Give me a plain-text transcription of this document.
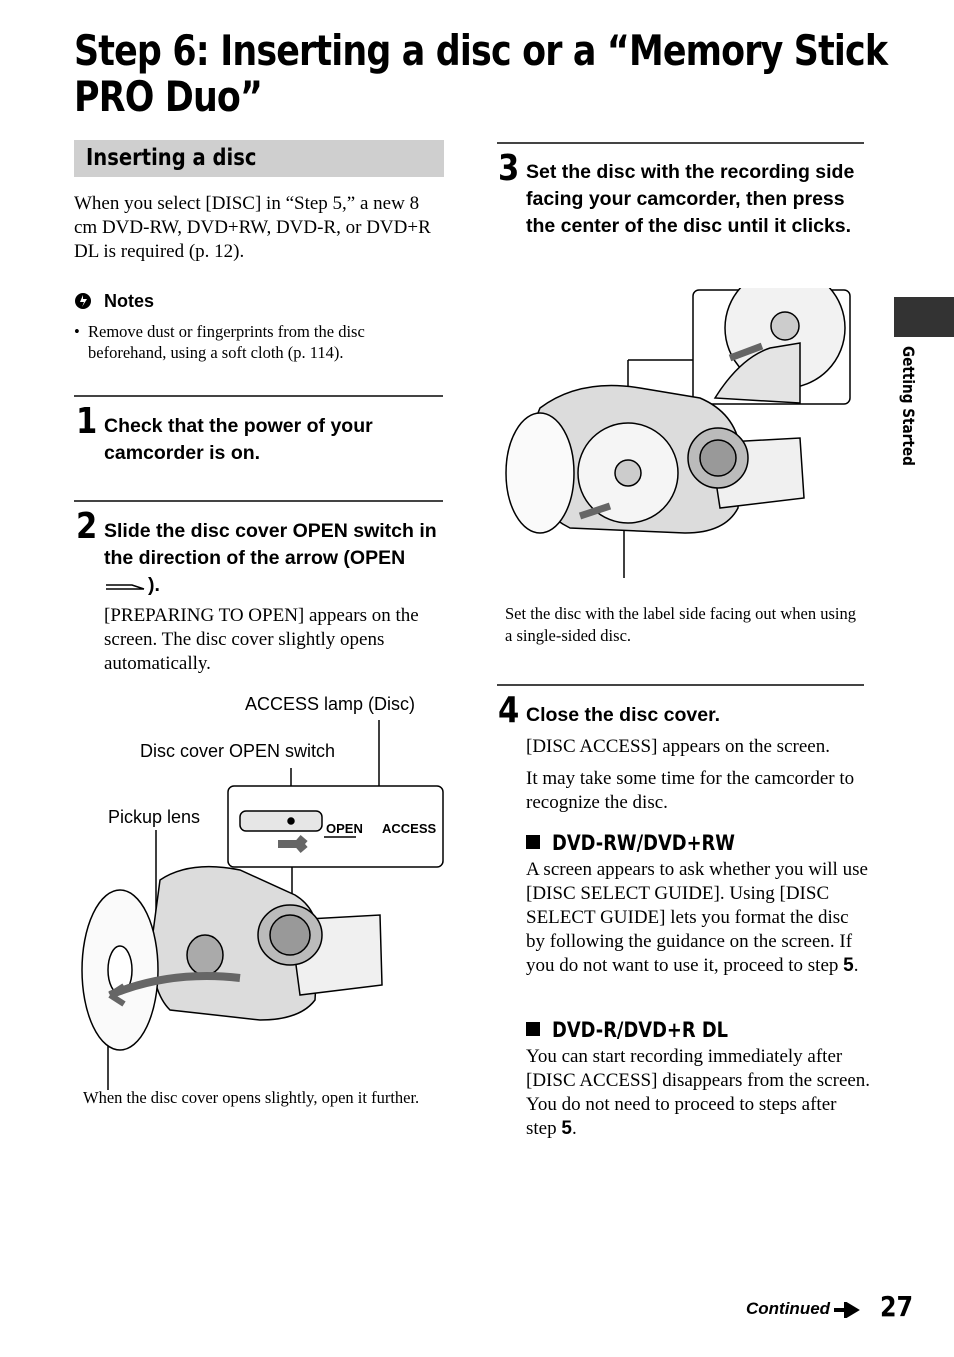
Step 6: Inserting a disc or a “Memory Stick PRO Duo”
Inserting a disc
When you select [DISC] in “Step 5,” a new 8 cm DVD-RW, DVD+RW, DVD-R, or DVD+R DL is required (p. 12).
Notes
• Remove dust or fingerprints from the disc beforehand, using a soft cloth (p. 114).
1 Check that the power of your camcorder is on.
2 Slide the disc cover OPEN switch in the direction of the arrow (OPEN ).
[PREPARING TO OPEN] appears on the screen. The disc cover slightly opens automatically.
ACCESS lamp (Disc)
Disc cover OPEN switch
Pickup lens
OPEN ACCESS
When the disc cover opens slightly, open it further.
3 Set the disc with the recording side facing your camcorder, then press the center of the disc until it clicks.
Set the disc with the label side facing out when using a single-sided disc.
4 Close the disc cover.
[DISC ACCESS] appears on the screen.
It may take some time for the camcorder to recognize the disc.
DVD-RW/DVD+RW
A screen appears to ask whether you will use [DISC SELECT GUIDE]. Using [DISC SELECT GUIDE] lets you format the disc by following the guidance on the screen. If you do not want to use it, proceed to step 5.
DVD-R/DVD+R DL
You can start recording immediately after [DISC ACCESS] disappears from the screen. You do not need to proceed to steps after step 5.
Getting Started
Continued	27
